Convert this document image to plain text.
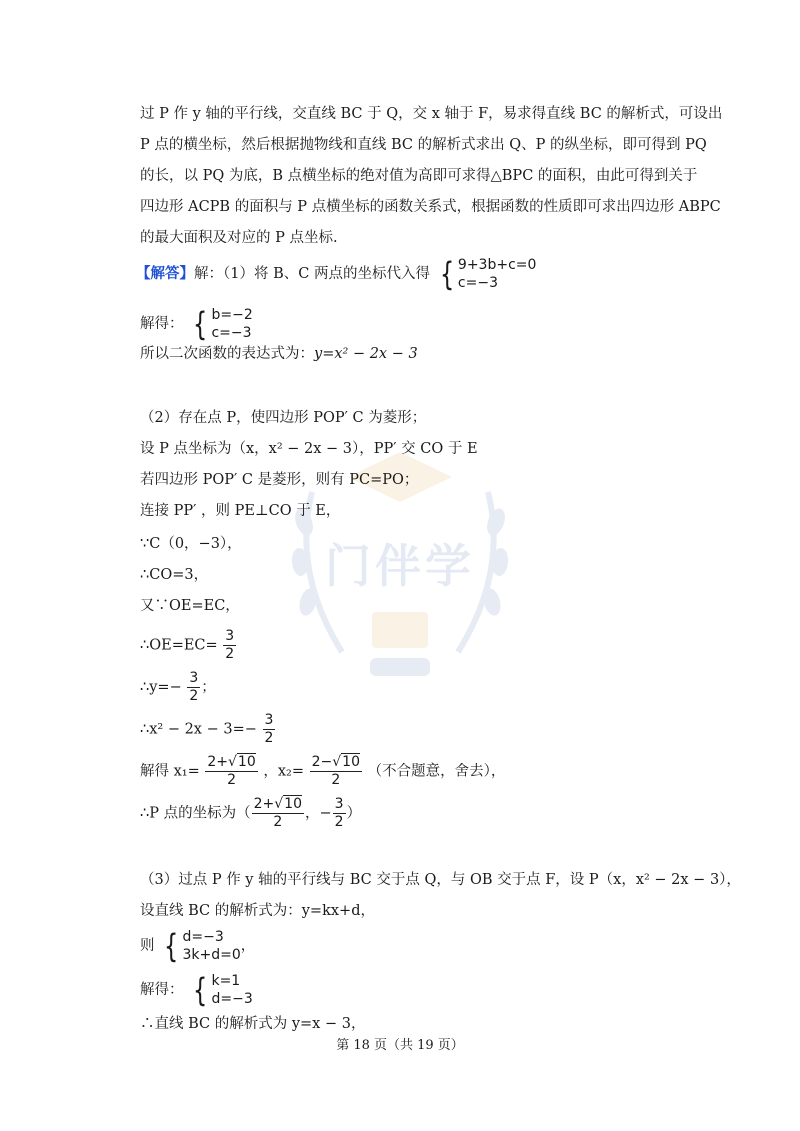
门伴学
过 P 作 y 轴的平行线，交直线 BC 于 Q，交 x 轴于 F，易求得直线 BC 的解析式，可设出
P 点的横坐标，然后根据抛物线和直线 BC 的解析式求出 Q、P 的纵坐标，即可得到 PQ
的长，以 PQ 为底，B 点横坐标的绝对值为高即可求得△BPC 的面积，由此可得到关于
四边形 ACPB 的面积与 P 点横坐标的函数关系式，根据函数的性质即可求出四边形 ABPC
的最大面积及对应的 P 点坐标.
【解答】解：（1）将 B、C 两点的坐标代入得 { 9+3b+c=0
c=−3
解得： { b=−2
c=−3
所以二次函数的表达式为：y=x² − 2x − 3
（2）存在点 P，使四边形 POP′ C 为菱形；
设 P 点坐标为（x，x² − 2x − 3），PP′ 交 CO 于 E
若四边形 POP′ C 是菱形，则有 PC=PO；
连接 PP′ ，则 PE⊥CO 于 E，
∵C（0，−3），
∴CO=3，
又∵OE=EC，
∴OE=EC= $\frac{3}{2}$
∴y=− $\frac{3}{2}$ ；
∴x² − $2x - 3=- \frac{3}{2}$
解得 $x_1= \frac{2+√10}{2}$ ，$x_2= \frac{2-√10}{2}$ （不合题意，舍去），
∴P 点的坐标为（ $\frac{2+√10}{2}$ ，− $\frac{3}{2}$ ）
（3）过点 P 作 y 轴的平行线与 BC 交于点 Q，与 OB 交于点 F，设 P（x，x² − 2x − 3），
设直线 BC 的解析式为：y=kx+d，
则 { d=−3
3k+d=0
，
解得： { k=1
d=−3
∴直线 BC 的解析式为 y=x − 3，
第 18 页（共 19 页）
